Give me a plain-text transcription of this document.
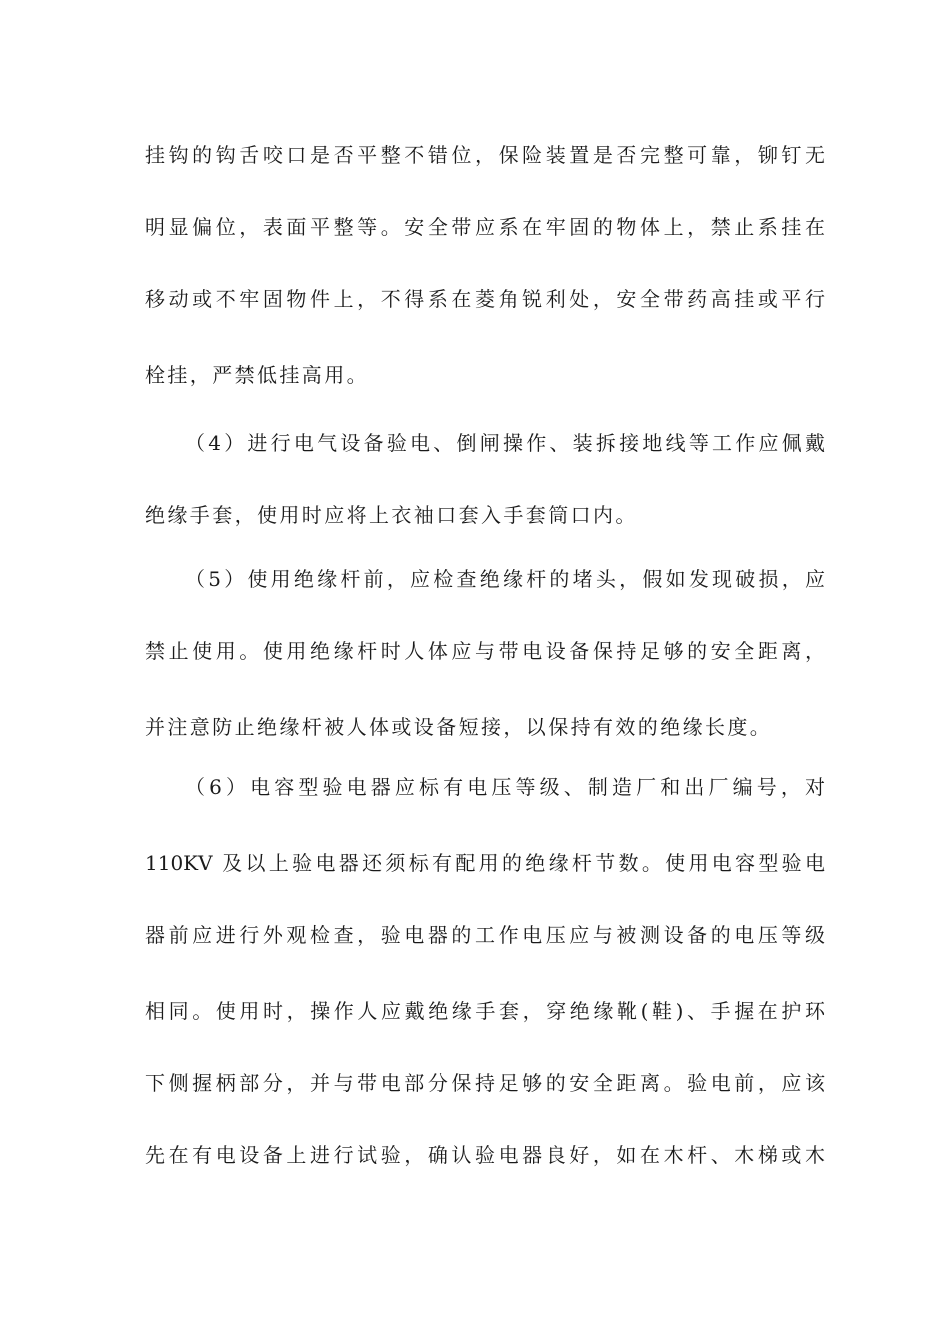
挂钩的钩舌咬口是否平整不错位，保险装置是否完整可靠，铆钉无
明显偏位，表面平整等。安全带应系在牢固的物体上，禁止系挂在
移动或不牢固物件上，不得系在菱角锐利处，安全带药高挂或平行
栓挂，严禁低挂高用。
（4）进行电气设备验电、倒闸操作、装拆接地线等工作应佩戴
绝缘手套，使用时应将上衣袖口套入手套筒口内。
（5）使用绝缘杆前，应检查绝缘杆的堵头，假如发现破损，应
禁止使用。使用绝缘杆时人体应与带电设备保持足够的安全距离，
并注意防止绝缘杆被人体或设备短接，以保持有效的绝缘长度。
（6）电容型验电器应标有电压等级、制造厂和出厂编号，对
110KV 及以上验电器还须标有配用的绝缘杆节数。使用电容型验电
器前应进行外观检查，验电器的工作电压应与被测设备的电压等级
相同。使用时，操作人应戴绝缘手套，穿绝缘靴(鞋)、手握在护环
下侧握柄部分，并与带电部分保持足够的安全距离。验电前，应该
先在有电设备上进行试验，确认验电器良好，如在木杆、木梯或木
